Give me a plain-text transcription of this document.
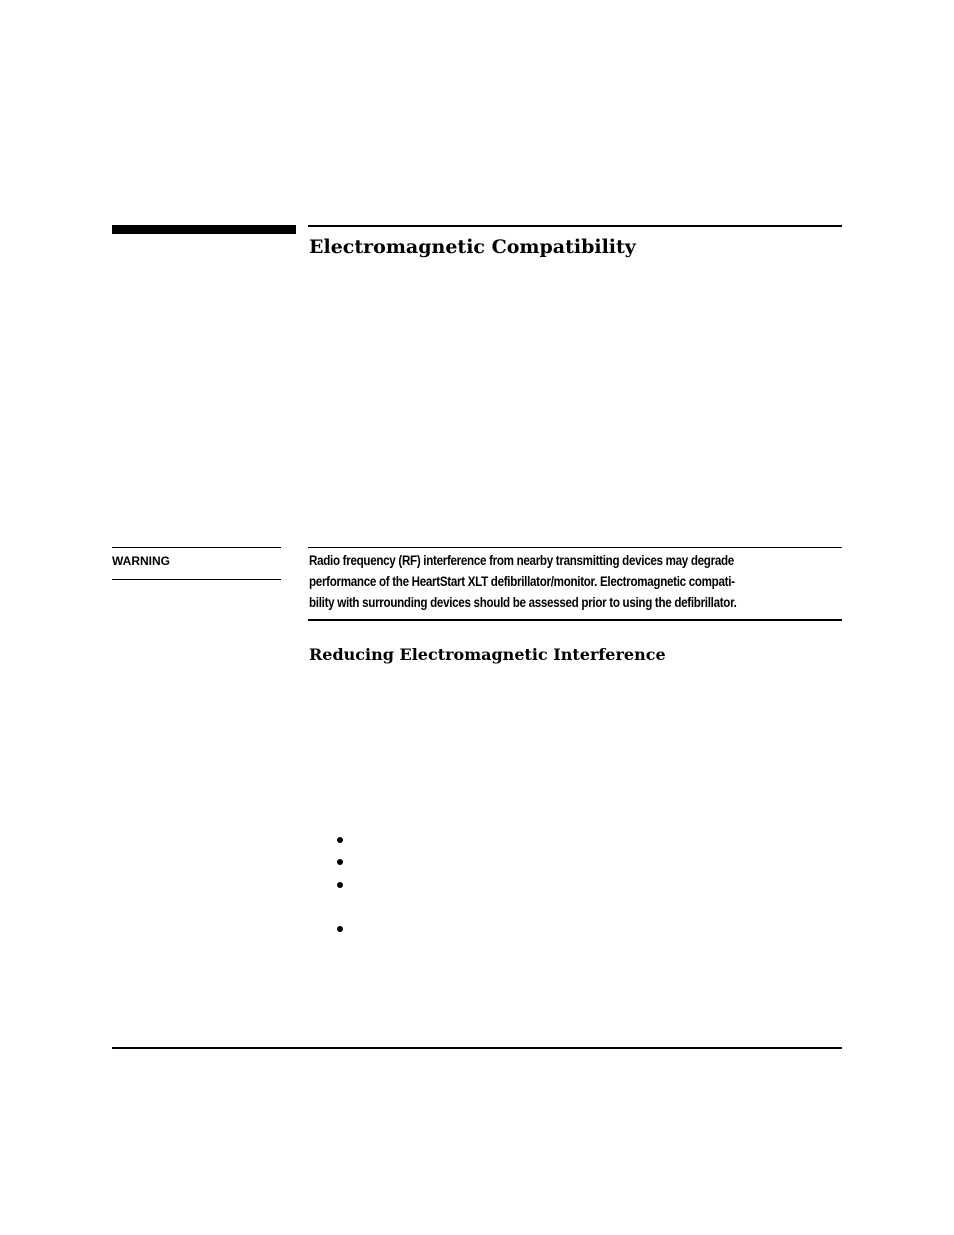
Electromagnetic Compatibility

WARNING	Radio frequency (RF) interference from nearby transmitting devices may degrade
performance of the HeartStart XLT defibrillator/monitor. Electromagnetic compati-
bility with surrounding devices should be assessed prior to using the defibrillator.

Reducing Electromagnetic Interference
